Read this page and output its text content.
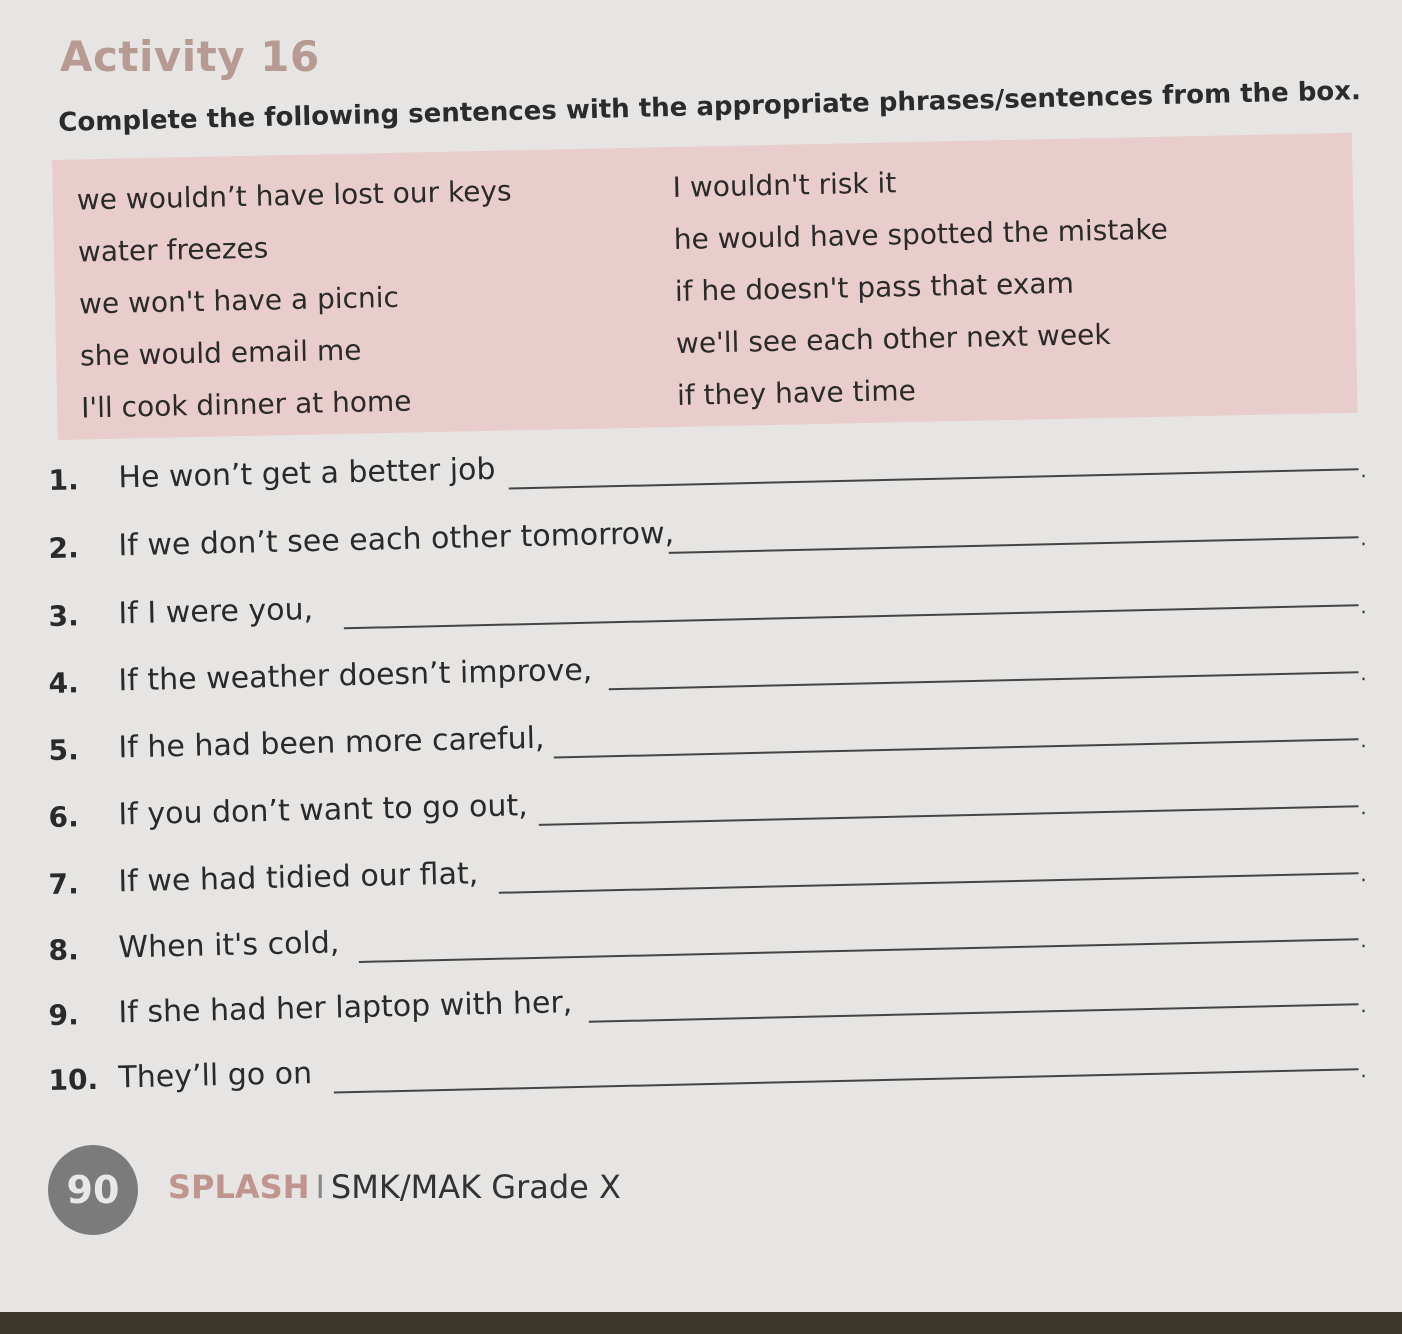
Activity 16
Complete the following sentences with the appropriate phrases/sentences from the box.
we wouldn’t have lost our keys
water freezes
we won't have a picnic
she would email me
I'll cook dinner at home
I wouldn't risk it
he would have spotted the mistake
if he doesn't pass that exam
we'll see each other next week
if they have time
1. He won’t get a better job	.
2. If we don’t see each other tomorrow,	.
3. If I were you,	.
4. If the weather doesn’t improve,	.
5. If he had been more careful,	.
6. If you don’t want to go out,	.
7. If we had tidied our flat,	.
8. When it's cold,	.
9. If she had her laptop with her,	.
10. They’ll go on	.
90	SPLASH I SMK/MAK Grade X
